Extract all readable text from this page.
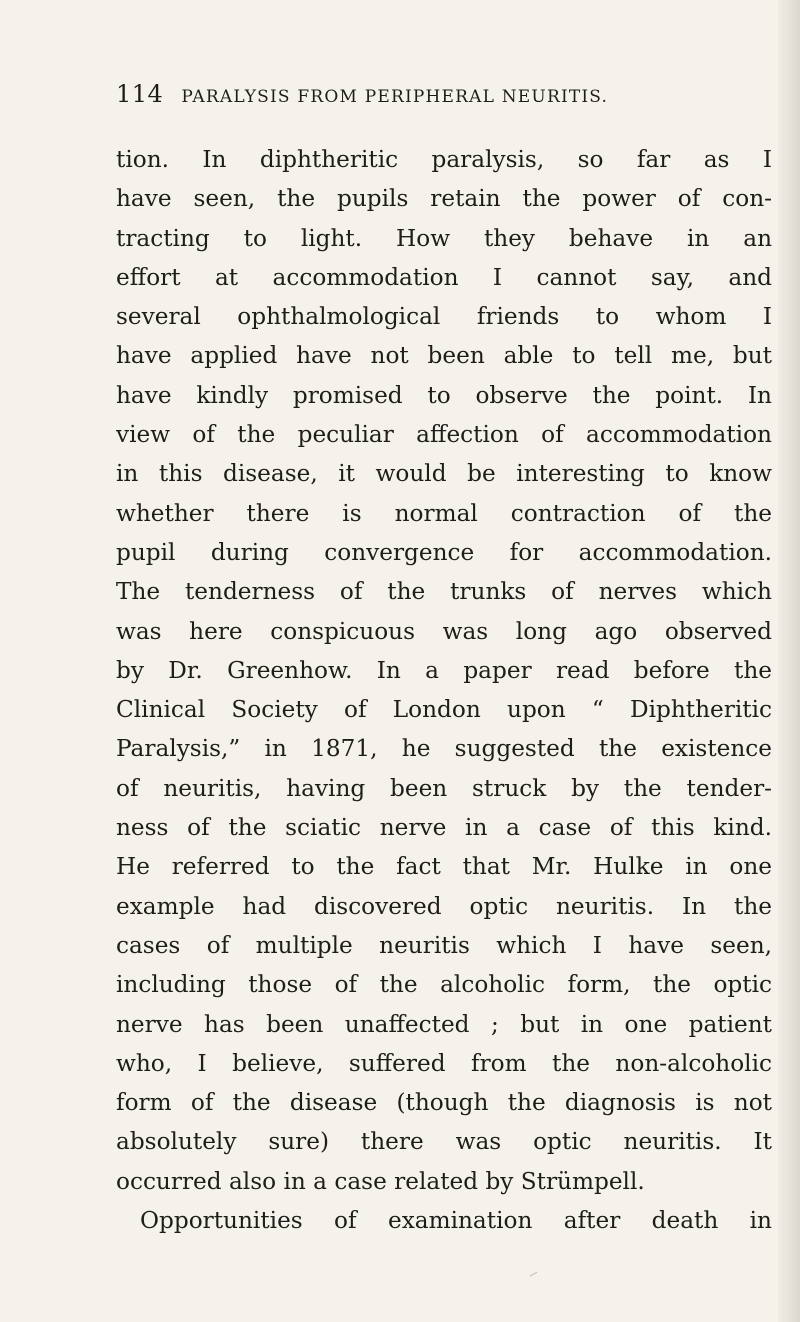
114 PARALYSIS FROM PERIPHERAL NEURITIS.
tion. In diphtheritic paralysis, so far as I
have seen, the pupils retain the power of con-
tracting to light. How they behave in an
effort at accommodation I cannot say, and
several ophthalmological friends to whom I
have applied have not been able to tell me, but
have kindly promised to observe the point. In
view of the peculiar affection of accommodation
in this disease, it would be interesting to know
whether there is normal contraction of the
pupil during convergence for accommodation.
The tenderness of the trunks of nerves which
was here conspicuous was long ago observed
by Dr. Greenhow. In a paper read before the
Clinical Society of London upon “ Diphtheritic
Paralysis,” in 1871, he suggested the existence
of neuritis, having been struck by the tender-
ness of the sciatic nerve in a case of this kind.
He referred to the fact that Mr. Hulke in one
example had discovered optic neuritis. In the
cases of multiple neuritis which I have seen,
including those of the alcoholic form, the optic
nerve has been unaffected ; but in one patient
who, I believe, suffered from the non-alcoholic
form of the disease (though the diagnosis is not
absolutely sure) there was optic neuritis. It
occurred also in a case related by Strümpell.
Opportunities of examination after death in
